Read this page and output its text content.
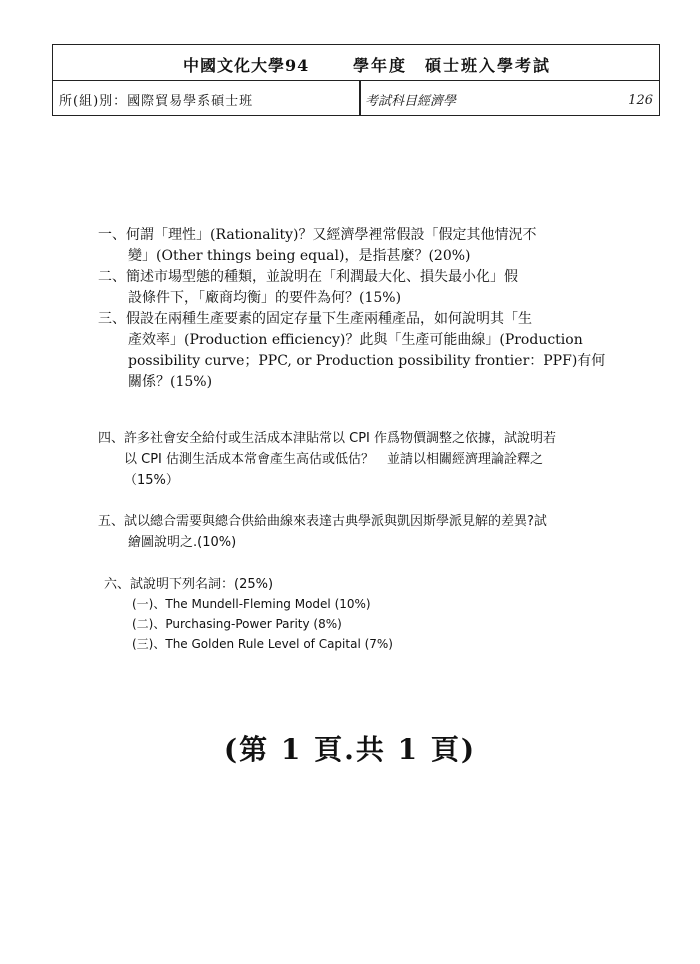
中國文化大學94	學年度　碩士班入學考試
所(組)別：國際貿易學系碩士班	考試科目經濟學	126
一、何謂「理性」(Rationality)？又經濟學裡常假設「假定其他情況不
變」(Other things being equal)，是指甚麼？(20%)
二、簡述市場型態的種類，並說明在「利潤最大化、損失最小化」假
設條件下，「廠商均衡」的要件為何？(15%)
三、假設在兩種生產要素的固定存量下生產兩種產品，如何說明其「生
產效率」(Production efficiency)？此與「生產可能曲線」(Production
possibility curve；PPC, or Production possibility frontier：PPF)有何
關係？(15%)
四、許多社會安全給付或生活成本津貼常以 CPI 作爲物價調整之依據，試說明若
以 CPI 估測生活成本常會產生高估或低估？　並請以相關經濟理論詮釋之
（15%）
五、試以總合需要與總合供給曲線來表達古典學派與凱因斯學派見解的差異?試
繪圖說明之.(10%)
六、試說明下列名詞：(25%)
(一)、The Mundell-Fleming Model (10%)
(二)、Purchasing-Power Parity (8%)
(三)、The Golden Rule Level of Capital (7%)
(第 1 頁.共 1 頁)
